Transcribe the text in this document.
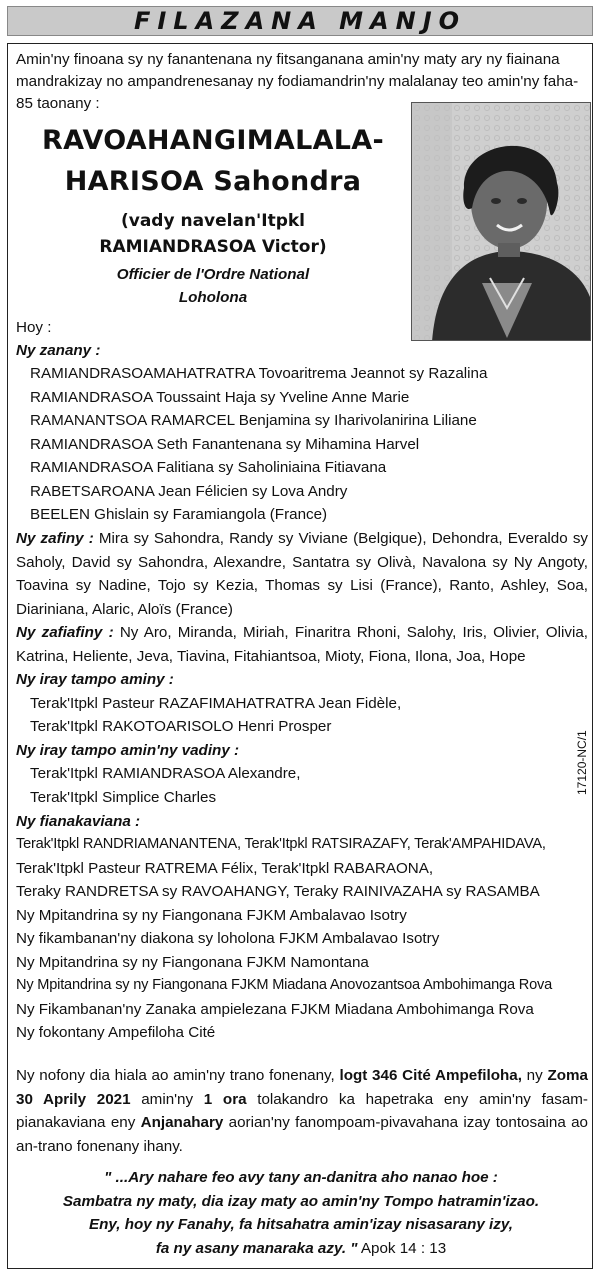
FILAZANA MANJO
Amin'ny finoana sy ny fanantenana ny fitsanganana amin'ny maty ary ny fiainana mandrakizay no ampandrenesanay ny fodiamandrin'ny malalanay teo amin'ny faha-85 taonany :
RAVOAHANGIMALALA-
HARISOA Sahondra
(vady navelan'Itpkl
RAMIANDRASOA Victor)
Officier de l'Ordre National
Loholona
Hoy :
Ny zanany :
RAMIANDRASOAMAHATRATRA Tovoaritrema Jeannot sy Razalina
RAMIANDRASOA Toussaint Haja sy Yveline Anne Marie
RAMANANTSOA RAMARCEL Benjamina sy Iharivolanirina Liliane
RAMIANDRASOA Seth Fanantenana sy Mihamina Harvel
RAMIANDRASOA Falitiana sy Saholiniaina Fitiavana
RABETSAROANA Jean Félicien sy Lova Andry
BEELEN Ghislain sy Faramiangola (France)
Ny zafiny : Mira sy Sahondra, Randy sy Viviane (Belgique), Dehondra, Everaldo sy Saholy, David sy Sahondra, Alexandre, Santatra sy Olivà, Navalona sy Ny Angoty, Toavina sy Nadine, Tojo sy Kezia, Thomas sy Lisi (France), Ranto, Ashley, Soa, Diariniana, Alaric, Aloïs (France)
Ny zafiafiny : Ny Aro, Miranda, Miriah, Finaritra Rhoni, Salohy, Iris, Olivier, Olivia, Katrina, Heliente, Jeva, Tiavina, Fitahiantsoa, Mioty, Fiona, Ilona, Joa, Hope
Ny iray tampo aminy :
Terak'Itpkl Pasteur RAZAFIMAHATRATRA Jean Fidèle,
Terak'Itpkl RAKOTOARISOLO Henri Prosper
Ny iray tampo amin'ny vadiny :
Terak'Itpkl RAMIANDRASOA Alexandre,
Terak'Itpkl Simplice Charles
17120-NC/1
Ny fianakaviana :
Terak'Itpkl RANDRIAMANANTENA, Terak'Itpkl RATSIRAZAFY, Terak'AMPAHIDAVA,
Terak'Itpkl Pasteur RATREMA Félix, Terak'Itpkl RABARAONA,
Teraky RANDRETSA sy RAVOAHANGY, Teraky RAINIVAZAHA sy RASAMBA
Ny Mpitandrina sy ny Fiangonana FJKM Ambalavao Isotry
Ny fikambanan'ny diakona sy loholona FJKM Ambalavao Isotry
Ny Mpitandrina sy ny Fiangonana FJKM Namontana
Ny Mpitandrina sy ny Fiangonana FJKM Miadana Anovozantsoa Ambohimanga Rova
Ny Fikambanan'ny Zanaka ampielezana FJKM Miadana Ambohimanga Rova
Ny fokontany Ampefiloha Cité
Ny nofony dia hiala ao amin'ny trano fonenany, logt 346 Cité Ampefiloha, ny Zoma 30 Aprily 2021 amin'ny 1 ora tolakandro ka hapetraka eny amin'ny fasam-pianakaviana eny Anjanahary aorian'ny fanompoam-pivavahana izay tontosaina ao an-trano fonenany ihany.
" ...Ary nahare feo avy tany an-danitra aho nanao hoe :
Sambatra ny maty, dia izay maty ao amin'ny Tompo hatramin'izao.
Eny, hoy ny Fanahy, fa hitsahatra amin'izay nisasarany izy,
fa ny asany manaraka azy. " Apok 14 : 13
